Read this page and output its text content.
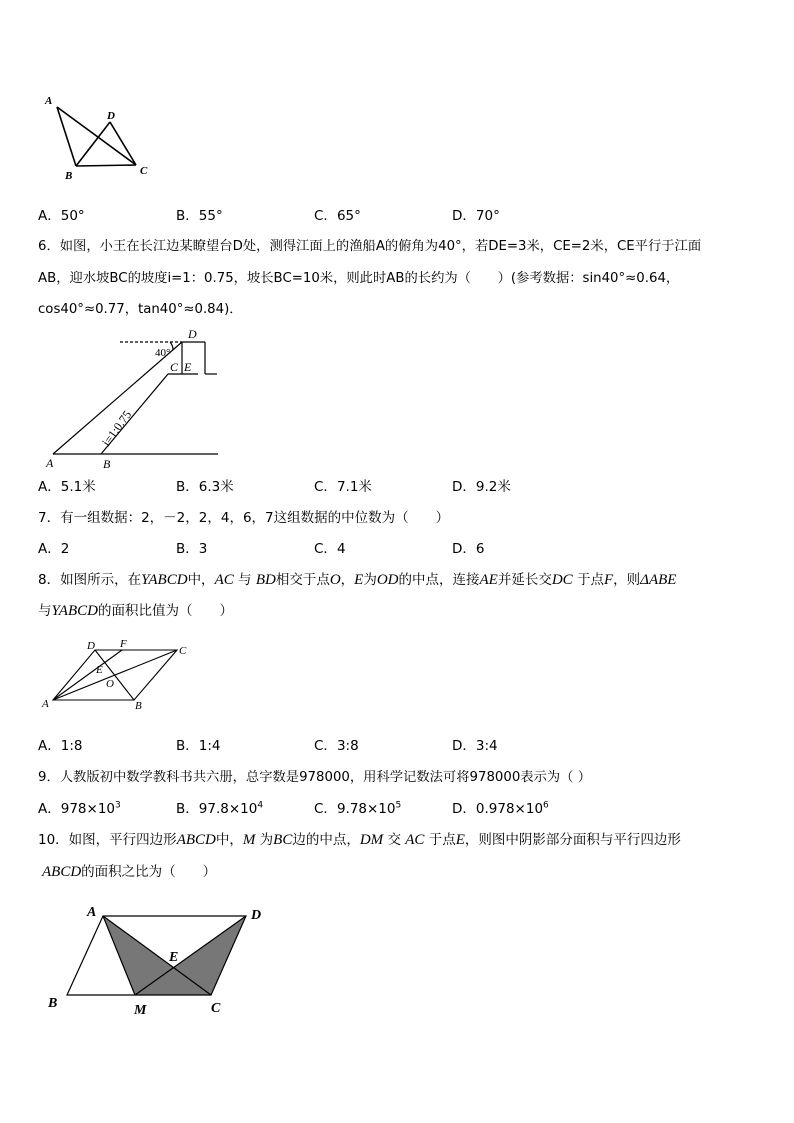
A
D
B	C
A．50°	B．55°	C．65°	D．70°
6．如图，小王在长江边某瞭望台D处，测得江面上的渔船A的俯角为40°，若DE=3米，CE=2米，CE平行于江面
AB，迎水坡BC的坡度i=1：0.75，坡长BC=10米，则此时AB的长约为（　　）(参考数据：sin40°≈0.64，
cos40°≈0.77，tan40°≈0.84)．
D
40°
C E
i=1:0.75
A	B
A．5.1米	B．6.3米	C．7.1米	D．9.2米
7．有一组数据：2，－2，2，4，6，7这组数据的中位数为（　　）
A．2	B．3	C．4	D．6
8．如图所示，在YABCD中，AC 与 BD相交于点O，E为OD的中点，连接AE并延长交DC 于点F，则ΔABE
与YABCD的面积比值为（　　）
D F
C
E
O
A	B
A．1:8	B．1:4	C．3:8	D．3:4
9．人教版初中数学教科书共六册，总字数是978000，用科学记数法可将978000表示为（ ）
A．$978\times 10^3$	B．$97.8\times 10^4$	C．$9.78\times 10^5$	D．$0.978\times 10^6$
10．如图，平行四边形ABCD中，M 为BC边的中点，DM 交 AC 于点E，则图中阴影部分面积与平行四边形
ABCD的面积之比为（　　）
A	D
E
B	M	C
